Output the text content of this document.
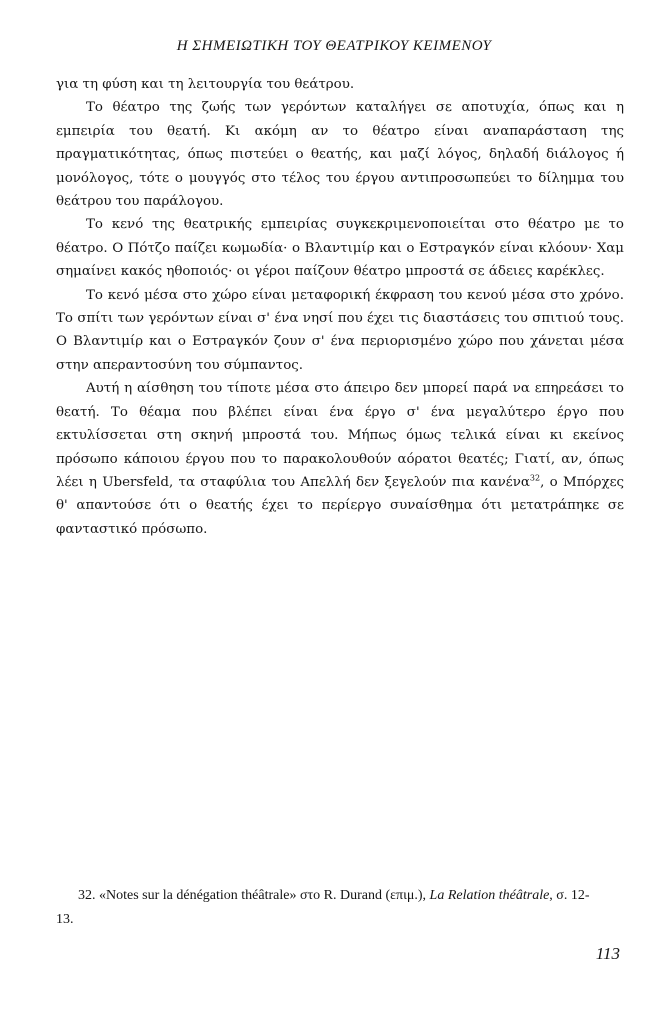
Η ΣΗΜΕΙΩΤΙΚΗ ΤΟΥ ΘΕΑΤΡΙΚΟΥ ΚΕΙΜΕΝΟΥ

για τη φύση και τη λειτουργία του θεάτρου.

Το θέατρο της ζωής των γερόντων καταλήγει σε αποτυχία, όπως και η εμπειρία του θεατή. Κι ακόμη αν το θέατρο είναι αναπαράσταση της πραγματικότητας, όπως πιστεύει ο θεατής, και μαζί λόγος, δηλαδή διάλογος ή μονόλογος, τότε ο μουγγός στο τέλος του έργου αντιπροσωπεύει το δίλημμα του θεάτρου του παράλογου.

Το κενό της θεατρικής εμπειρίας συγκεκριμενοποιείται στο θέατρο με το θέατρο. Ο Πότζο παίζει κωμωδία· ο Βλαντιμίρ και ο Εστραγκόν είναι κλόουν· Χαμ σημαίνει κακός ηθοποιός· οι γέροι παίζουν θέατρο μπροστά σε άδειες καρέκλες.

Το κενό μέσα στο χώρο είναι μεταφορική έκφραση του κενού μέσα στο χρόνο. Το σπίτι των γερόντων είναι σ' ένα νησί που έχει τις διαστάσεις του σπιτιού τους. Ο Βλαντιμίρ και ο Εστραγκόν ζουν σ' ένα περιορισμένο χώρο που χάνεται μέσα στην απεραντοσύνη του σύμπαντος.

Αυτή η αίσθηση του τίποτε μέσα στο άπειρο δεν μπορεί παρά να επηρεάσει το θεατή. Το θέαμα που βλέπει είναι ένα έργο σ' ένα μεγαλύτερο έργο που εκτυλίσσεται στη σκηνή μπροστά του. Μήπως όμως τελικά είναι κι εκείνος πρόσωπο κάποιου έργου που το παρακολουθούν αόρατοι θεατές; Γιατί, αν, όπως λέει η Ubersfeld, τα σταφύλια του Απελλή δεν ξεγελούν πια κανένα$^{32}$, ο Μπόρχες θ' απαντούσε ότι ο θεατής έχει το περίεργο συναίσθημα ότι μετατράπηκε σε φανταστικό πρόσωπο.

32. «Notes sur la dénégation théâtrale» στο R. Durand (επιμ.), La Relation théâtrale, σ. 12-
13.
113
